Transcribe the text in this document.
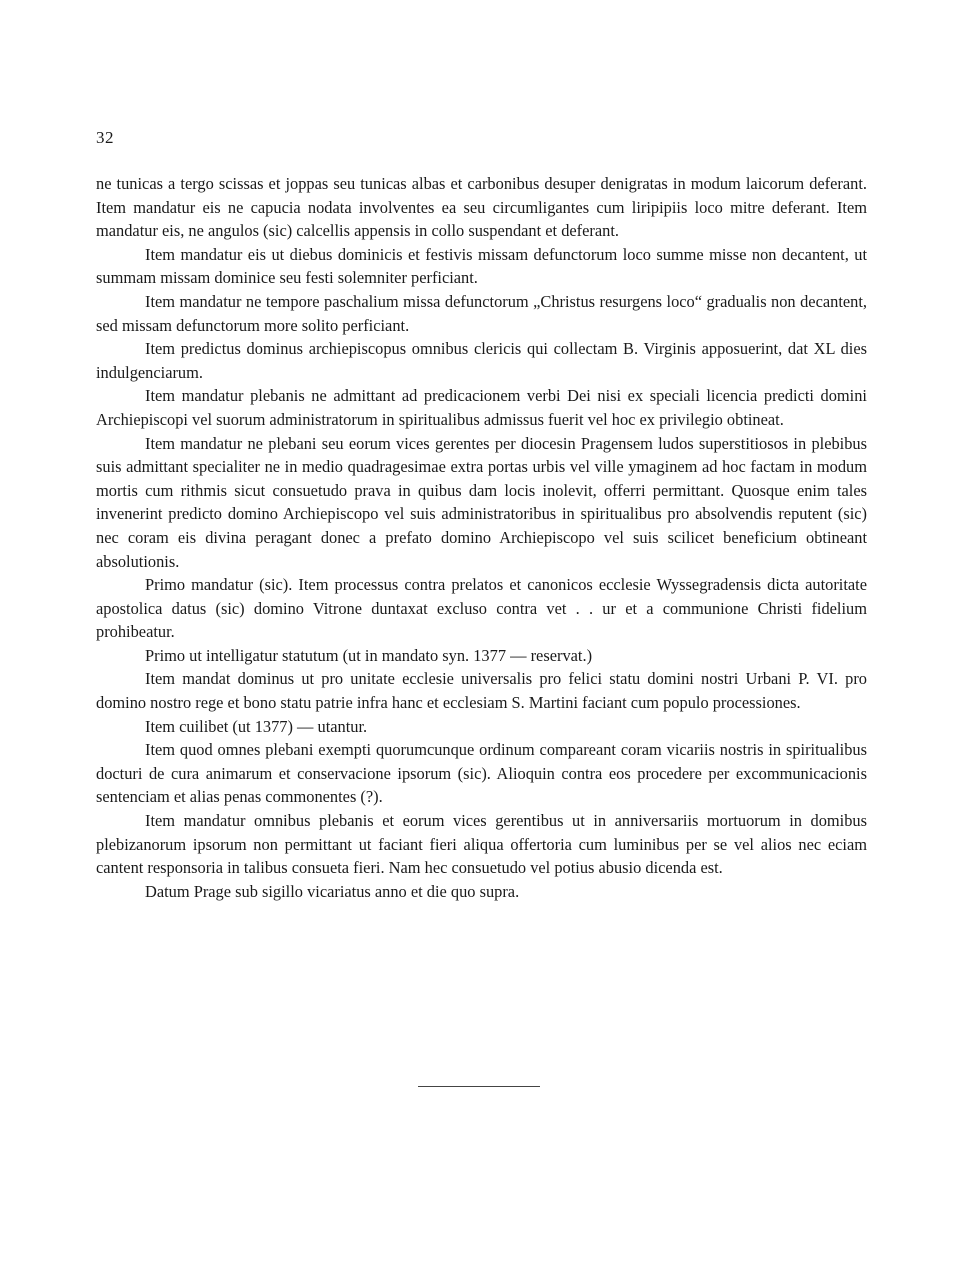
32

ne tunicas a tergo scissas et joppas seu tunicas albas et carbonibus desuper denigratas in modum laicorum deferant. Item mandatur eis ne capucia nodata involventes ea seu circumligantes cum liripipiis loco mitre deferant. Item mandatur eis, ne angulos (sic) calcellis appensis in collo suspendant et deferant.

Item mandatur eis ut diebus dominicis et festivis missam defunctorum loco summe misse non decantent, ut summam missam dominice seu festi solemniter perficiant.

Item mandatur ne tempore paschalium missa defunctorum „Christus resurgens loco“ gradualis non decantent, sed missam defunctorum more solito perficiant.

Item predictus dominus archiepiscopus omnibus clericis qui collectam B. Virginis apposuerint, dat XL dies indulgenciarum.

Item mandatur plebanis ne admittant ad predicacionem verbi Dei nisi ex speciali licencia predicti domini Archiepiscopi vel suorum administratorum in spiritualibus admissus fuerit vel hoc ex privilegio obtineat.

Item mandatur ne plebani seu eorum vices gerentes per diocesin Pragensem ludos superstitiosos in plebibus suis admittant specialiter ne in medio quadragesimae extra portas urbis vel ville ymaginem ad hoc factam in modum mortis cum rithmis sicut consuetudo prava in quibus dam locis inolevit, offerri permittant. Quosque enim tales invenerint predicto domino Archiepiscopo vel suis administratoribus in spiritualibus pro absolvendis reputent (sic) nec coram eis divina peragant donec a prefato domino Archiepiscopo vel suis scilicet beneficium obtineant absolutionis.

Primo mandatur (sic). Item processus contra prelatos et canonicos ecclesie Wyssegradensis dicta autoritate apostolica datus (sic) domino Vitrone duntaxat excluso contra vet . . ur et a communione Christi fidelium prohibeatur.

Primo ut intelligatur statutum (ut in mandato syn. 1377 — reservat.)

Item mandat dominus ut pro unitate ecclesie universalis pro felici statu domini nostri Urbani P. VI. pro domino nostro rege et bono statu patrie infra hanc et ecclesiam S. Martini faciant cum populo processiones.

Item cuilibet (ut 1377) — utantur.

Item quod omnes plebani exempti quorumcunque ordinum compareant coram vicariis nostris in spiritualibus docturi de cura animarum et conservacione ipsorum (sic). Alioquin contra eos procedere per excommunicacionis sentenciam et alias penas commonentes (?).

Item mandatur omnibus plebanis et eorum vices gerentibus ut in anniversariis mortuorum in domibus plebizanorum ipsorum non permittant ut faciant fieri aliqua offertoria cum luminibus per se vel alios nec eciam cantent responsoria in talibus consueta fieri. Nam hec consuetudo vel potius abusio dicenda est.

Datum Prage sub sigillo vicariatus anno et die quo supra.
